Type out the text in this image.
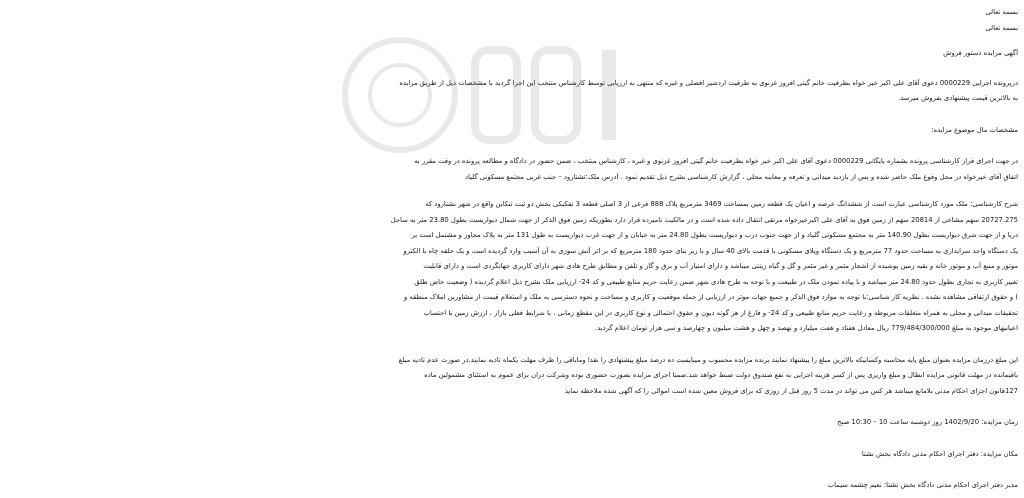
بسمه تعالی

بسمه تعالی

آگهی مزایده دستور فروش

درپرونده اجرایی 0000229 دعوی آقای علی اکبر خیر خواه بطرفیت خانم گیتی افروز غزنوی به طرفیت اردشیر افضلی و غیره که منتهی به ارزیابی توسط کارشناس منتخب این اجرا گردید با مشخصات ذیل از طریق مزایده

به بالاترین قیمت پیشنهادی بفروش میرسد.

مشخصات مال موضوع مزایده:

در جهت اجرای قرار کارشناسی پرونده بشماره بایگانی 0000229 دعوی آقای علی اکبر خیر خواه بطرفیت خانم گیتی افروز غزنوی و غیره ، کارشناس منتخب ، ضمن حضور در دادگاه و مطالعه پرونده در وقت مقرر به

اتفاق آقای خیرخواه در محل وقوع ملک حاضر شده و پس از بازدید میدانی و تعرفه و معاینه محلی ، گزارش کارشناسی بشرح ذیل تقدیم نمود . آدرس ملک:تشتارود – جنب غربی مجتمع مسکونی گلیاد

شرح کارشناسی: ملک مورد کارشناسی عبارت است از ششدانگ عرصه و اعیان یک قطعه زمین بمساحت 3469 مترمربع پلاک 888 فرعی از 3 اصلی قطعه 3 تفکیکی بخش دو ثبت تنکابن واقع در شهر نشتارود که

20727.275 سهم مشاعی از 20814 سهم از زمین فوق به آقای علی اکبرخیرخواه مرتقی انتقال داده شده است و در مالکیت نامبرده قرار دارد بطوریکه زمین فوق الذکر از جهت شمال دیواریست بطول 23.80 متر به ساحل

دریا و از جهت شرق دیواریست بطول 140.90 متر به مجتمع مسکونی گلیاد و از جهت جنوب درب و دیواریست بطول 24.80 متر به خیابان و از جهت غرب دیواریست به طول 131 متر به پلاک مجاور و مشتمل است بر

یک دستگاه واحد سرایداری به مساحت حدود 77 مترمربع و یک دستگاه ویلای مسکونی با قدمت بالای 40 سال و با زیر بنای حدود 180 مترمربع که بر اثر آتش سوزی به آن آسیب وارد گردیده است و یک حلقه چاه با الکترو

موتور و منبع آب و موتور خانه و بقیه زمین پوشیده از اشجار مثمر و غیر مثمر و گل و گیاه زینتی میباشد و دارای امتیاز آب و برق و گاز و تلفن و مطابق طرح هادی شهر دارای کاربری جهانگردی است و دارای قابلیت

تغییر کاربری به تجاری بطول حدود 24.80 متر میباشد و با پیاده نمودن ملک در طبیعت و با توجه به طرح هادی شهر ضمن رعایت حریم منابع طبیعی و کد 24- ارزیابی ملک بشرح ذیل اعلام گردیده ( وضعیت خاص طلق

) و حقوق ارتفاقی مشاهده نشده . نظریه کار شناسی:با توجه به موارد فوق الذکر و جمیع جهات موثر در ارزیابی از جمله موقعیت و کاربری و مساحت و نحوه دسترسی به ملک و استعلام قیمت از مشاورین املاک منطقه و

تحقیقات میدانی و محلی به همراه متعلقات مربوطه و رعایت حریم منابع طبیعی و کد 24- و فارغ از هر گونه دیون و حقوق احتمالی و نوع کاربری در این مقطع زمانی ، با شرایط فعلی بازار ، ارزش زمین با احتساب

اعیانیهای موجود به مبلغ 779/484/300/000 ریال معادل هفتاد و هفت میلیارد و نهصد و چهل و هشت میلیون و چهارصد و سی هزار تومان اعلام گردید.

این مبلغ درزمان مزایده بعنوان مبلغ پایه محاسبه وکسانیکه بالاترین مبلغ را پیشنهاد نمایند برنده مزایده محسوب و میبایست ده درصد مبلغ پیشنهادی را نقدا وماباقی را ظرف مهلت یکماه تادیه نمایند.در صورت عدم تادیه مبلغ

باقیمانده در مهلت قانونی مزایده ابطال و مبلغ واریزی پس از کسر هزینه اجرایی به نفع صندوق دولت ضبط خواهد شد.ضمنا اجرای مزایده بصورت حضوری بوده وشرکت دران برای عموم به استثنای مشمولین ماده

127قانون اجرای احکام مدنی بلامانع میباشد هر کس می تواند در مدت 5 روز قبل از روزی که برای فروش معین شده است اموالی را که آگهی شده ملاحظه نماید

زمان مزایده: 1402/9/20 روز دوشنبه ساعت 10 – 10:30 صبح

مکان مزایده: دفتر اجرای احکام مدنی دادگاه بخش نشتا

مدیر دفتر اجرای احکام مدنی دادگاه بخش نشتا: نعیم چشمه سیماب
